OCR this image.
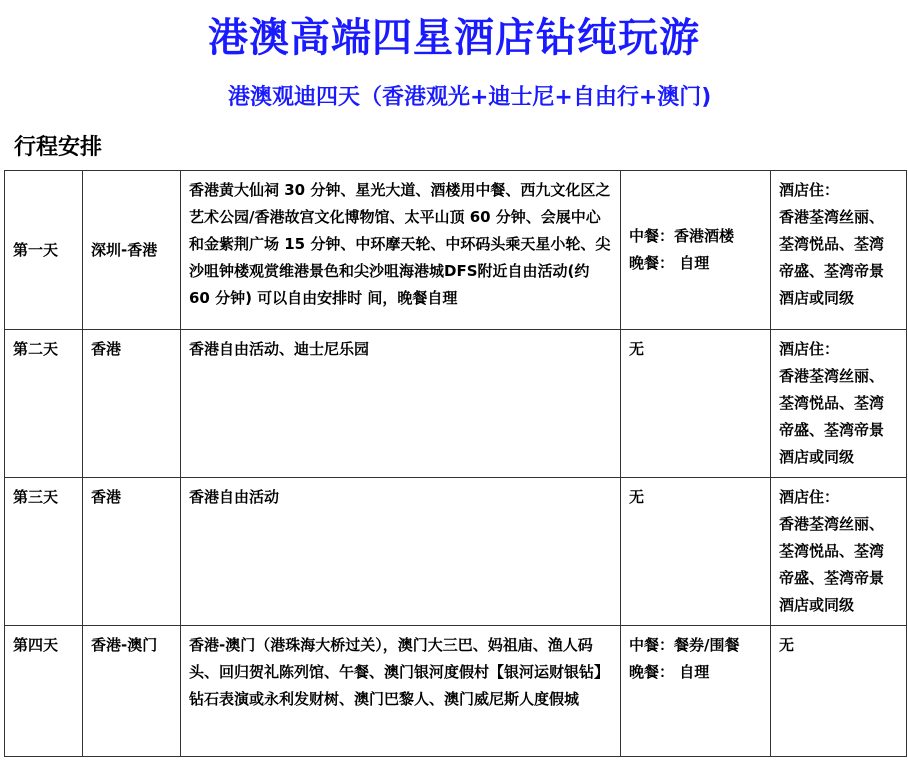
港澳高端四星酒店钻纯玩游
港澳观迪四天（香港观光+迪士尼+自由行+澳门)
行程安排
第一天	深圳-香港	香港黄大仙祠 30 分钟、星光大道、酒楼用中餐、西九文化区之艺术公园/香港故宫文化博物馆、太平山顶 60 分钟、会展中心和金紫荆广场 15 分钟、中环摩天轮、中环码头乘天星小轮、尖沙咀钟楼观赏维港景色和尖沙咀海港城DFS附近自由活动(约 60 分钟) 可以自由安排时 间，晚餐自理	中餐：香港酒楼
晚餐： 自理	酒店住：
香港荃湾丝丽、荃湾悦品、荃湾帝盛、荃湾帝景酒店或同级
第二天	香港	香港自由活动、迪士尼乐园	无	酒店住：
香港荃湾丝丽、荃湾悦品、荃湾帝盛、荃湾帝景酒店或同级
第三天	香港	香港自由活动	无	酒店住：
香港荃湾丝丽、荃湾悦品、荃湾帝盛、荃湾帝景酒店或同级
第四天	香港-澳门	香港-澳门（港珠海大桥过关），澳门大三巴、妈祖庙、渔人码头、回归贺礼陈列馆、午餐、澳门银河度假村【银河运财银钻】钻石表演或永利发财树、澳门巴黎人、澳门威尼斯人度假城	中餐：餐券/围餐
晚餐： 自理	无
